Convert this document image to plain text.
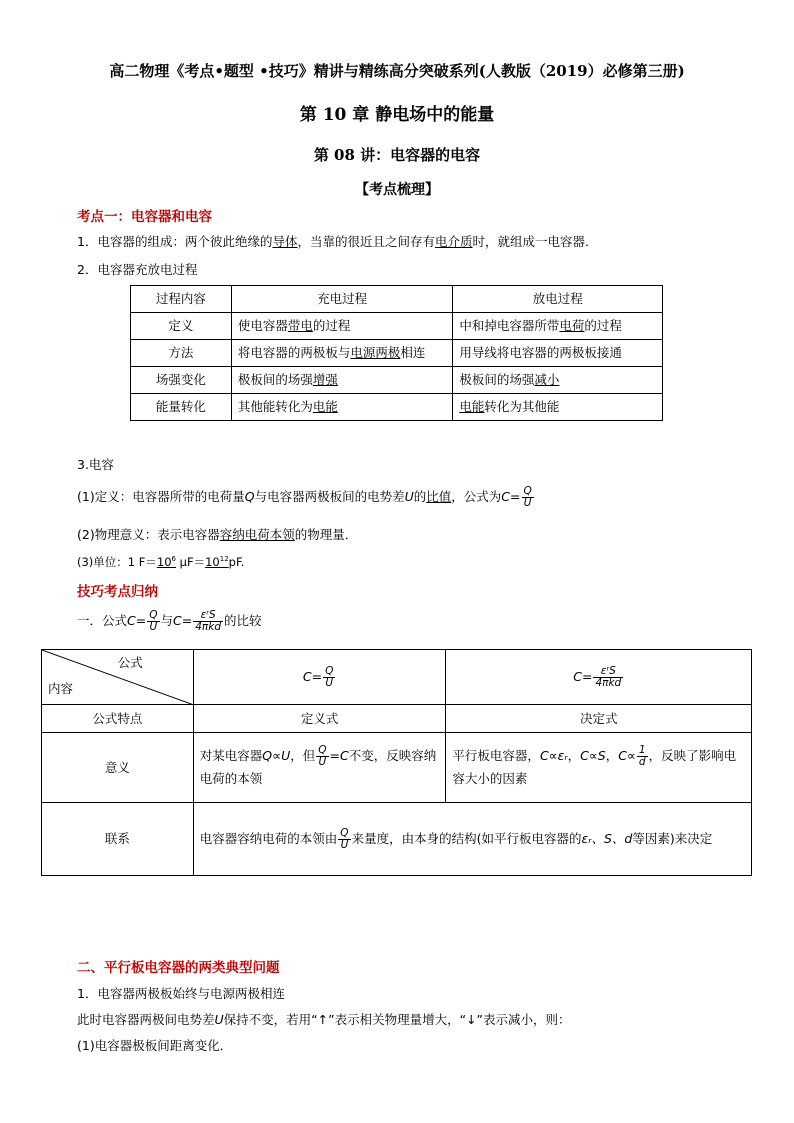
高二物理《考点•题型 •技巧》精讲与精练高分突破系列(人教版（2019）必修第三册)
第 10 章 静电场中的能量
第 08 讲：电容器的电容
【考点梳理】
考点一：电容器和电容
1．电容器的组成：两个彼此绝缘的导体，当靠的很近且之间存有电介质时，就组成一电容器．
2．电容器充放电过程
过程内容	充电过程	放电过程
定义	使电容器带电的过程	中和掉电容器所带电荷的过程
方法	将电容器的两极板与电源两极相连	用导线将电容器的两极板接通
场强变化	极板间的场强增强	极板间的场强减小
能量转化	其他能转化为电能	电能转化为其他能
3.电容
(1)定义：电容器所带的电荷量Q与电容器两极板间的电势差U的比值，公式为$C= \frac{Q}{U}$
(2)物理意义：表示电容器容纳电荷本领的物理量．
(3)单位：1 $F=10^6$ $\mu F=10^{12}pF$.
技巧考点归纳
一．公式$C= \frac{Q}{U}$ 与$C= \frac{\text{εʳS}}{\text{4πkd}}$ 的比较
公式
内容	$C= \frac{Q}{U}$	$C= \frac{\text{εʳS}}{\text{4πkd}}$

公式特点	定义式	决定式
意义	对某电容器Q∝U，但 $\frac{Q}{U} =C$不变，反映容纳电荷的本领	平行板电容器，C∝εᵣ，C∝S，$C\propto \frac{1}{d}$ ，反映了影响电容大小的因素
联系	电容器容纳电荷的本领由 $\frac{Q}{U}$ 来量度，由本身的结构(如平行板电容器的εᵣ、S、d等因素)来决定	
二、平行板电容器的两类典型问题
1．电容器两极板始终与电源两极相连
此时电容器两极间电势差U保持不变，若用“↑”表示相关物理量增大，“↓”表示减小，则：
(1)电容器极板间距离变化．
